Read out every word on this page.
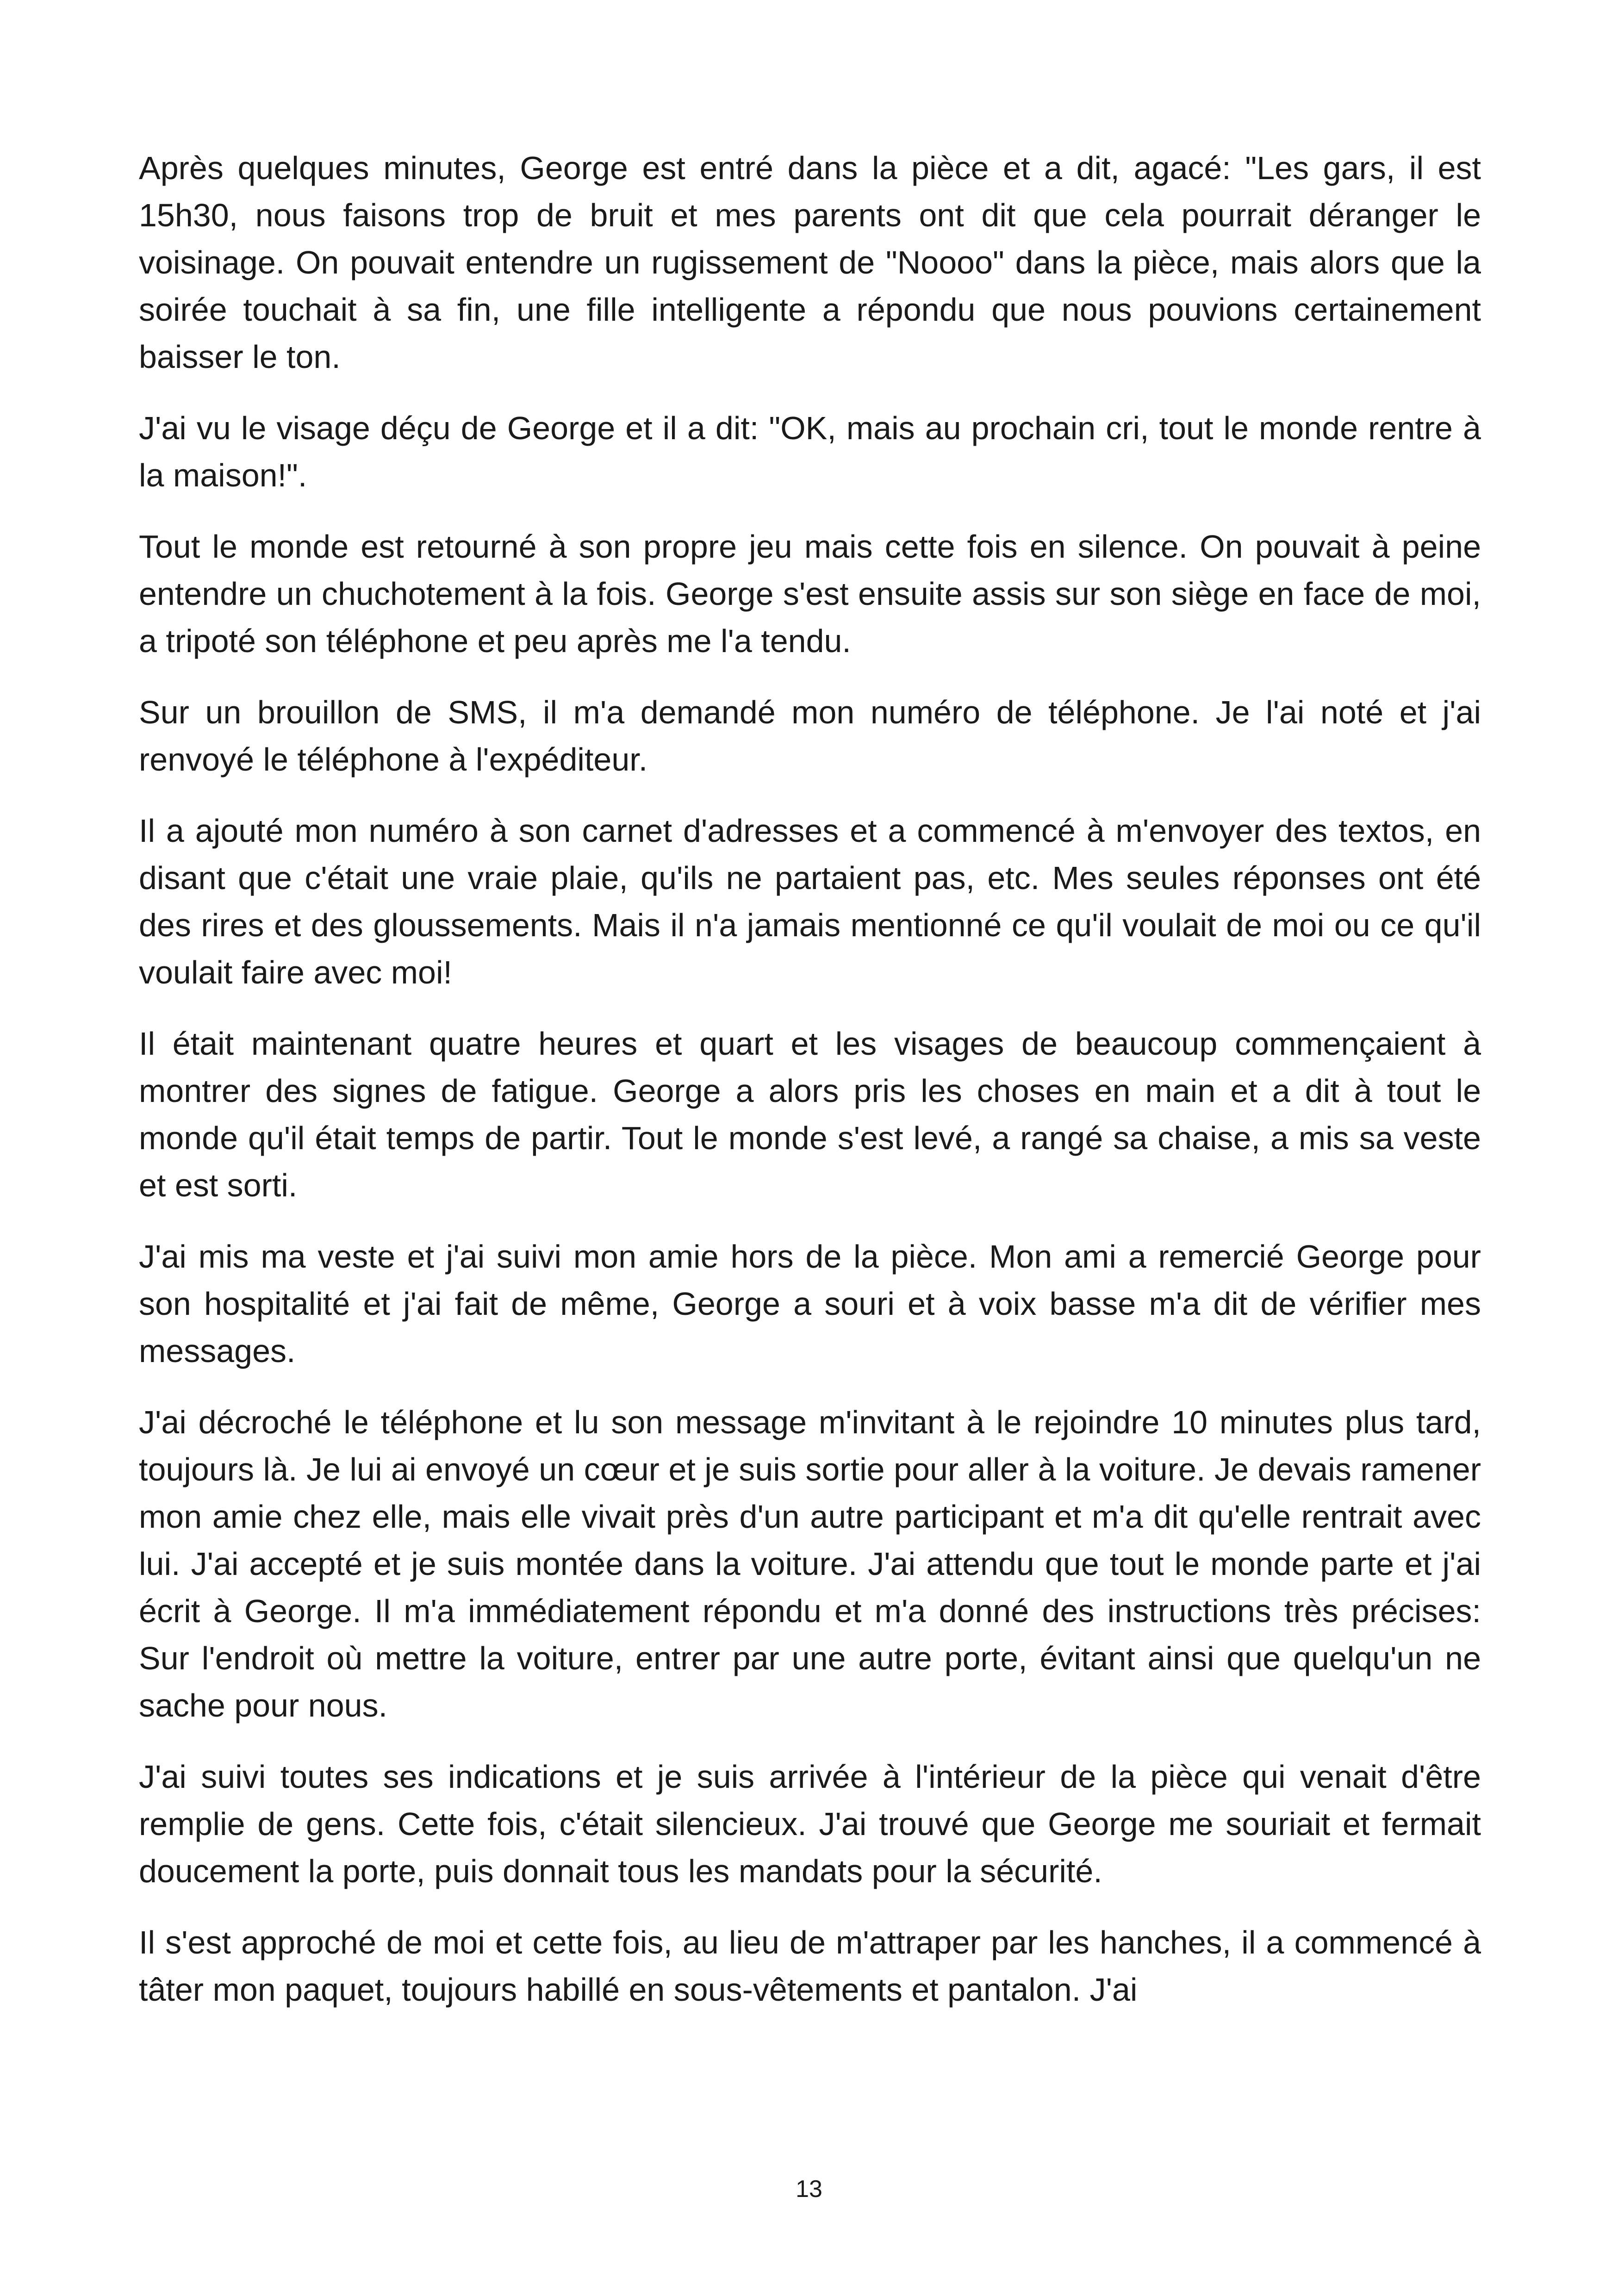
Après quelques minutes, George est entré dans la pièce et a dit, agacé: "Les gars, il est 15h30, nous faisons trop de bruit et mes parents ont dit que cela pourrait déranger le voisinage. On pouvait entendre un rugissement de "Noooo" dans la pièce, mais alors que la soirée touchait à sa fin, une fille intelligente a répondu que nous pouvions certainement baisser le ton.

J'ai vu le visage déçu de George et il a dit: "OK, mais au prochain cri, tout le monde rentre à la maison!".

Tout le monde est retourné à son propre jeu mais cette fois en silence. On pouvait à peine entendre un chuchotement à la fois. George s'est ensuite assis sur son siège en face de moi, a tripoté son téléphone et peu après me l'a tendu.

Sur un brouillon de SMS, il m'a demandé mon numéro de téléphone. Je l'ai noté et j'ai renvoyé le téléphone à l'expéditeur.

Il a ajouté mon numéro à son carnet d'adresses et a commencé à m'envoyer des textos, en disant que c'était une vraie plaie, qu'ils ne partaient pas, etc. Mes seules réponses ont été des rires et des gloussements. Mais il n'a jamais mentionné ce qu'il voulait de moi ou ce qu'il voulait faire avec moi!

Il était maintenant quatre heures et quart et les visages de beaucoup commençaient à montrer des signes de fatigue. George a alors pris les choses en main et a dit à tout le monde qu'il était temps de partir. Tout le monde s'est levé, a rangé sa chaise, a mis sa veste et est sorti.

J'ai mis ma veste et j'ai suivi mon amie hors de la pièce. Mon ami a remercié George pour son hospitalité et j'ai fait de même, George a souri et à voix basse m'a dit de vérifier mes messages.

J'ai décroché le téléphone et lu son message m'invitant à le rejoindre 10 minutes plus tard, toujours là. Je lui ai envoyé un cœur et je suis sortie pour aller à la voiture. Je devais ramener mon amie chez elle, mais elle vivait près d'un autre participant et m'a dit qu'elle rentrait avec lui. J'ai accepté et je suis montée dans la voiture. J'ai attendu que tout le monde parte et j'ai écrit à George. Il m'a immédiatement répondu et m'a donné des instructions très précises: Sur l'endroit où mettre la voiture, entrer par une autre porte, évitant ainsi que quelqu'un ne sache pour nous.

J'ai suivi toutes ses indications et je suis arrivée à l'intérieur de la pièce qui venait d'être remplie de gens. Cette fois, c'était silencieux. J'ai trouvé que George me souriait et fermait doucement la porte, puis donnait tous les mandats pour la sécurité.

Il s'est approché de moi et cette fois, au lieu de m'attraper par les hanches, il a commencé à tâter mon paquet, toujours habillé en sous-vêtements et pantalon. J'ai

13
